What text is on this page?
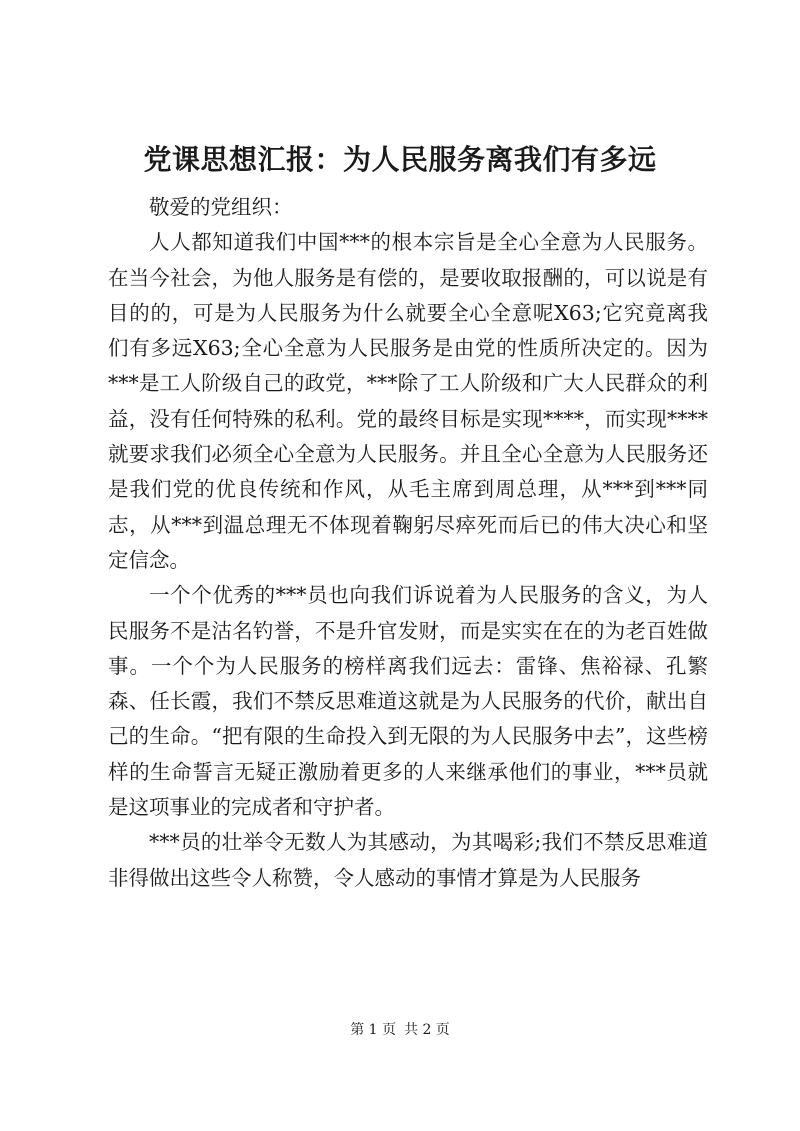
党课思想汇报：为人民服务离我们有多远

敬爱的党组织：

人人都知道我们中国***的根本宗旨是全心全意为人民服务。在当今社会，为他人服务是有偿的，是要收取报酬的，可以说是有目的的，可是为人民服务为什么就要全心全意呢X63;它究竟离我们有多远X63;全心全意为人民服务是由党的性质所决定的。因为***是工人阶级自己的政党，***除了工人阶级和广大人民群众的利益，没有任何特殊的私利。党的最终目标是实现****，而实现****就要求我们必须全心全意为人民服务。并且全心全意为人民服务还是我们党的优良传统和作风，从毛主席到周总理，从***到***同志，从***到温总理无不体现着鞠躬尽瘁死而后已的伟大决心和坚定信念。

一个个优秀的***员也向我们诉说着为人民服务的含义，为人民服务不是沽名钓誉，不是升官发财，而是实实在在的为老百姓做事。一个个为人民服务的榜样离我们远去：雷锋、焦裕禄、孔繁森、任长霞，我们不禁反思难道这就是为人民服务的代价，献出自己的生命。“把有限的生命投入到无限的为人民服务中去”，这些榜样的生命誓言无疑正激励着更多的人来继承他们的事业，***员就是这项事业的完成者和守护者。

***员的壮举令无数人为其感动，为其喝彩;我们不禁反思难道非得做出这些令人称赞，令人感动的事情才算是为人民服务

第 1 页 共 2 页
